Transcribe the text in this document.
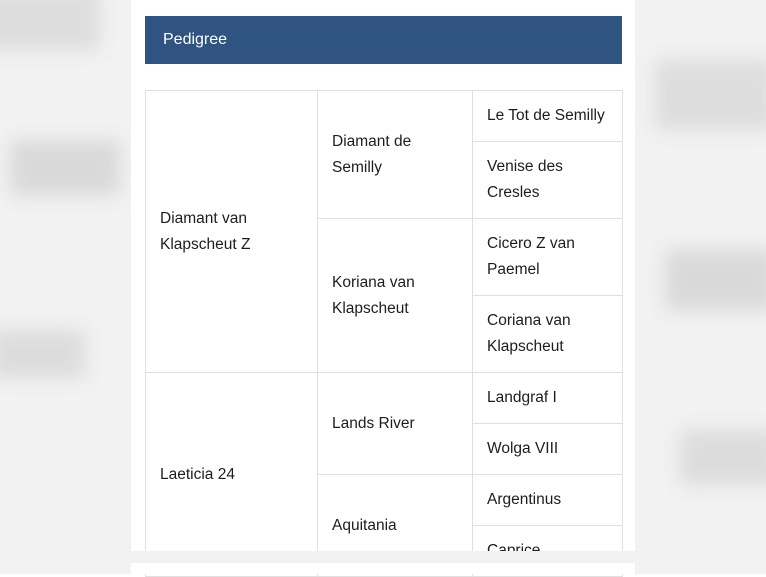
Pedigree
Diamant van Klapscheut Z	Diamant de Semilly	Le Tot de Semilly
		Venise des Cresles
	Koriana van Klapscheut	Cicero Z van Paemel
		Coriana van Klapscheut
Laeticia 24	Lands River	Landgraf I
		Wolga VIII
	Aquitania	Argentinus
